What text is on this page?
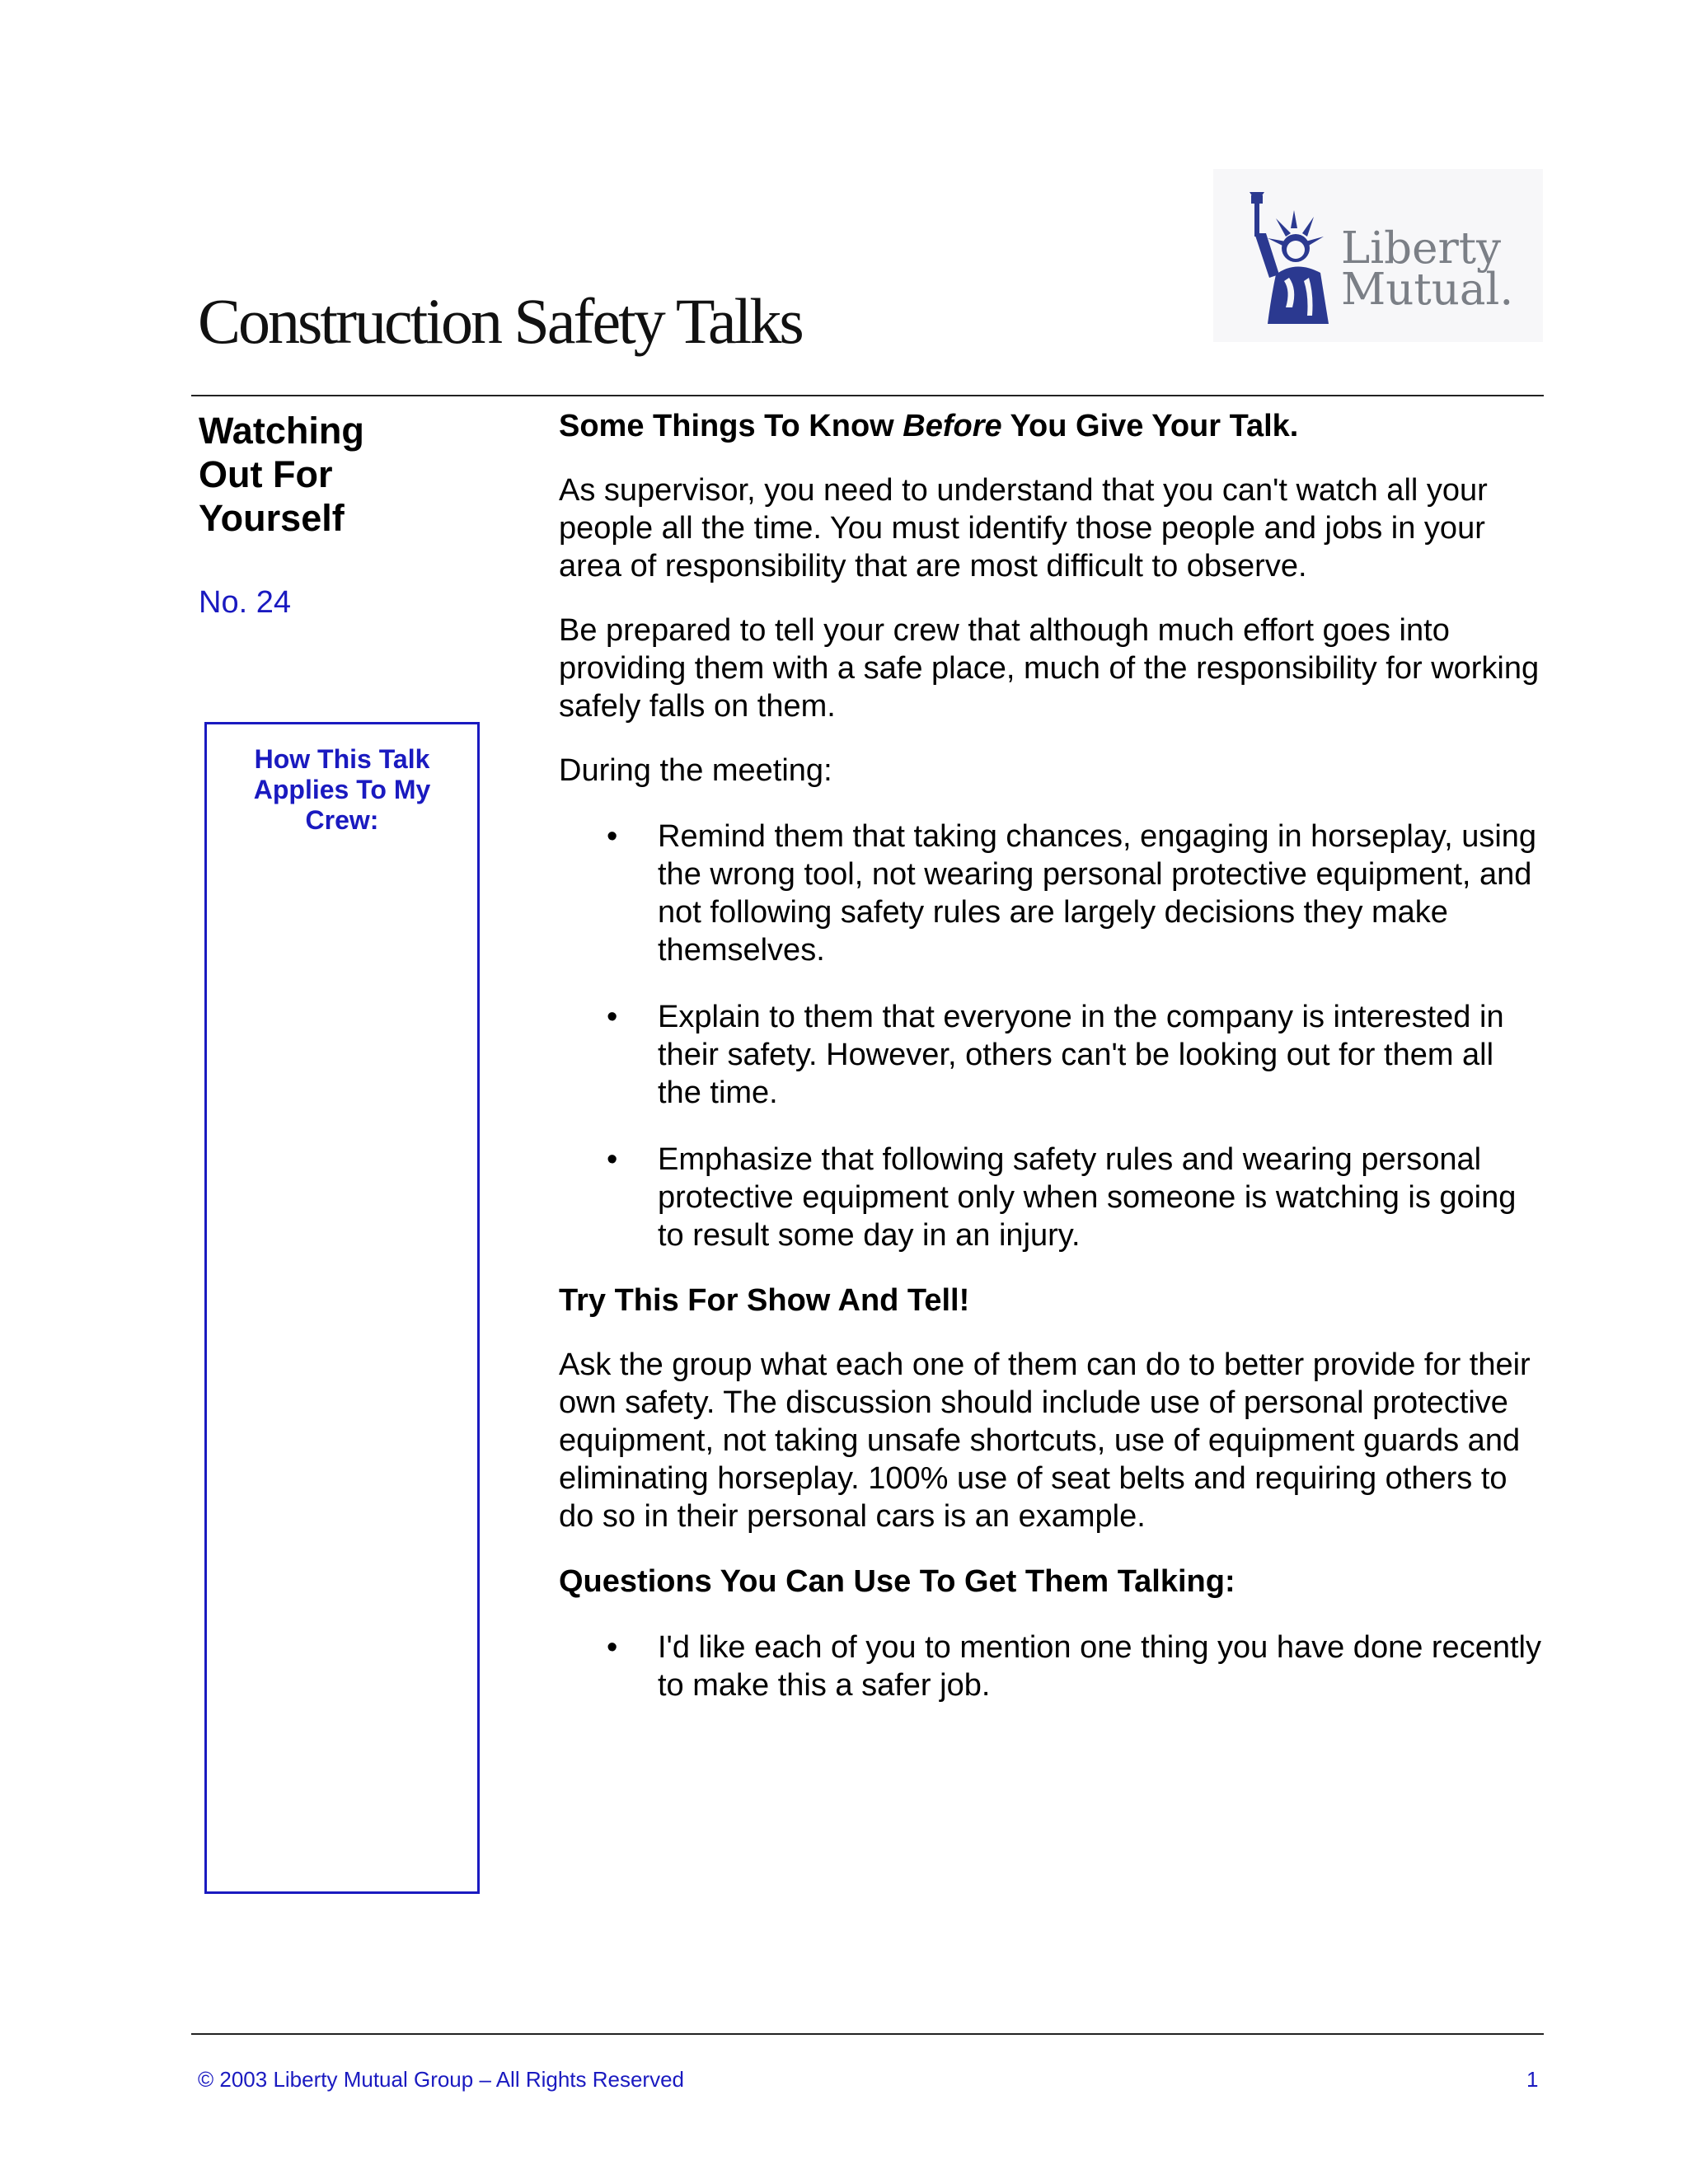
Liberty
Mutual.
Construction Safety Talks
Watching
Out For
Yourself
No. 24
How This Talk
Applies To My
Crew:

Some Things To Know Before You Give Your Talk.

As supervisor, you need to understand that you can't watch all your people all the time. You must identify those people and jobs in your area of responsibility that are most difficult to observe.

Be prepared to tell your crew that although much effort goes into providing them with a safe place, much of the responsibility for working safely falls on them.

During the meeting:

• Remind them that taking chances, engaging in horseplay, using the wrong tool, not wearing personal protective equipment, and not following safety rules are largely decisions they make themselves.
• Explain to them that everyone in the company is interested in their safety. However, others can't be looking out for them all the time.
• Emphasize that following safety rules and wearing personal protective equipment only when someone is watching is going to result some day in an injury.

Try This For Show And Tell!

Ask the group what each one of them can do to better provide for their own safety. The discussion should include use of personal protective equipment, not taking unsafe shortcuts, use of equipment guards and eliminating horseplay. 100% use of seat belts and requiring others to do so in their personal cars is an example.

Questions You Can Use To Get Them Talking:

• I'd like each of you to mention one thing you have done recently to make this a safer job.
© 2003 Liberty Mutual Group – All Rights Reserved	1
